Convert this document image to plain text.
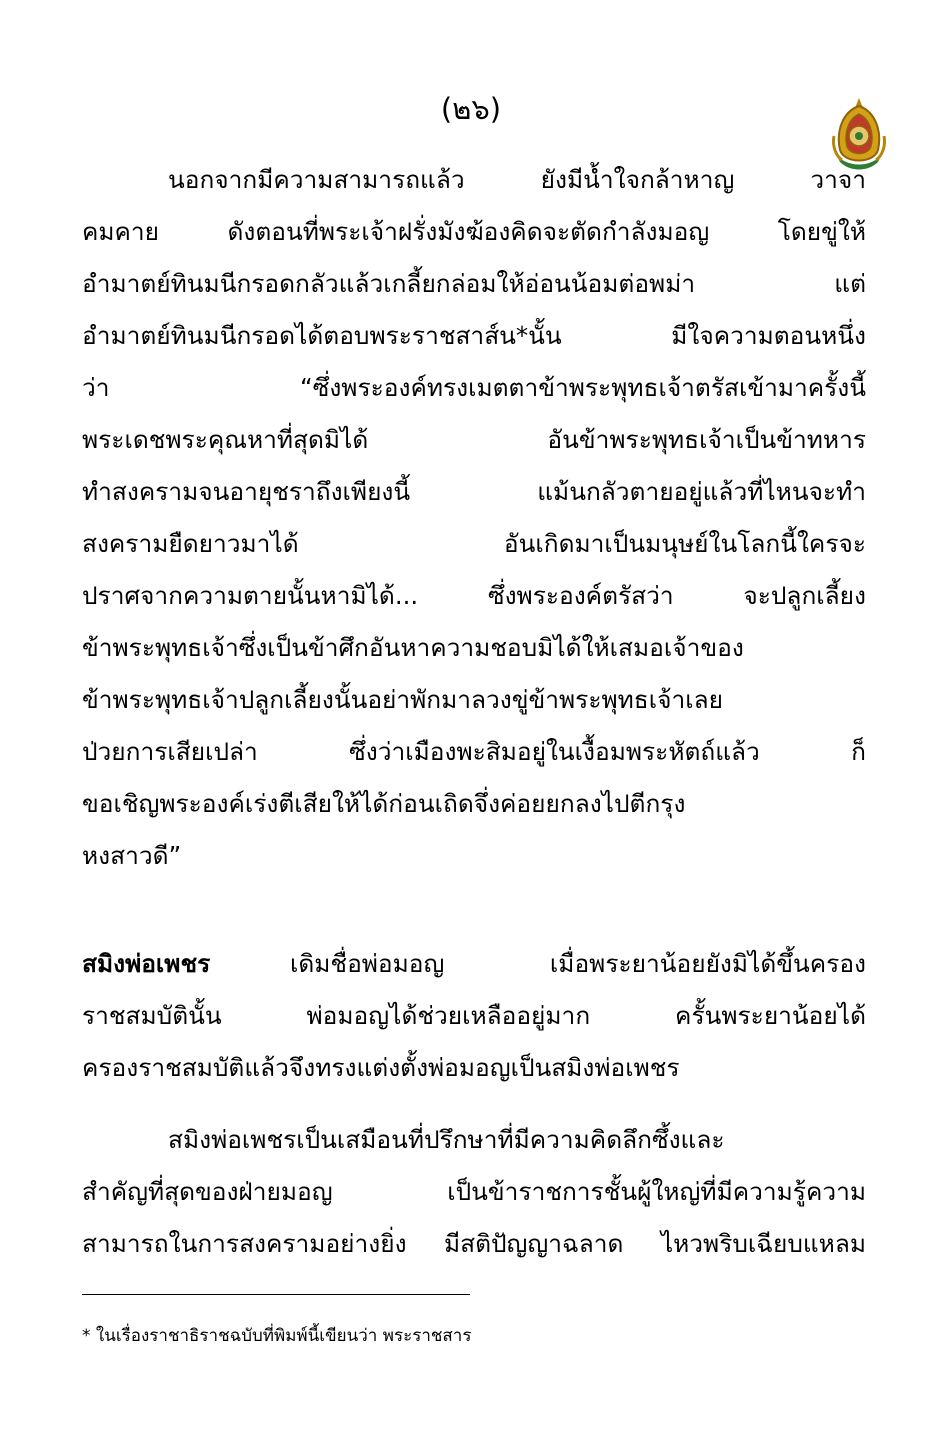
(๒๖)
นอกจากมีความสามารถแล้ว ยังมีน้ำใจกล้าหาญ วาจา
คมคาย ดังตอนที่พระเจ้าฝรั่งมังฆ้องคิดจะตัดกำลังมอญ โดยขู่ให้
อำมาตย์ทินมนีกรอดกลัวแล้วเกลี้ยกล่อมให้อ่อนน้อมต่อพม่า แต่
อำมาตย์ทินมนีกรอดได้ตอบพระราชสาส์น*นั้น มีใจความตอนหนึ่ง
ว่า “ซึ่งพระองค์ทรงเมตตาข้าพระพุทธเจ้าตรัสเข้ามาครั้งนี้
พระเดชพระคุณหาที่สุดมิได้ อันข้าพระพุทธเจ้าเป็นข้าทหาร
ทำสงครามจนอายุชราถึงเพียงนี้ แม้นกลัวตายอยู่แล้วที่ไหนจะทำ
สงครามยืดยาวมาได้ อันเกิดมาเป็นมนุษย์ในโลกนี้ใครจะ
ปราศจากความตายนั้นหามิได้... ซึ่งพระองค์ตรัสว่า จะปลูกเลี้ยง
ข้าพระพุทธเจ้าซึ่งเป็นข้าศึกอันหาความชอบมิได้ให้เสมอเจ้าของ
ข้าพระพุทธเจ้าปลูกเลี้ยงนั้นอย่าพักมาลวงขู่ข้าพระพุทธเจ้าเลย
ป่วยการเสียเปล่า ซึ่งว่าเมืองพะสิมอยู่ในเงื้อมพระหัตถ์แล้ว ก็
ขอเชิญพระองค์เร่งตีเสียให้ได้ก่อนเถิดจึ่งค่อยยกลงไปตีกรุง
หงสาวดี”
สมิงพ่อเพชร	เดิมชื่อพ่อมอญ เมื่อพระยาน้อยยังมิได้ขึ้นครอง
ราชสมบัตินั้น พ่อมอญได้ช่วยเหลืออยู่มาก ครั้นพระยาน้อยได้
ครองราชสมบัติแล้วจึงทรงแต่งตั้งพ่อมอญเป็นสมิงพ่อเพชร
สมิงพ่อเพชรเป็นเสมือนที่ปรึกษาที่มีความคิดลึกซึ้งและ
สำคัญที่สุดของฝ่ายมอญ เป็นข้าราชการชั้นผู้ใหญ่ที่มีความรู้ความ
สามารถในการสงครามอย่างยิ่ง มีสติปัญญาฉลาด ไหวพริบเฉียบแหลม
* ในเรื่องราชาธิราชฉบับที่พิมพ์นี้เขียนว่า พระราชสาร
